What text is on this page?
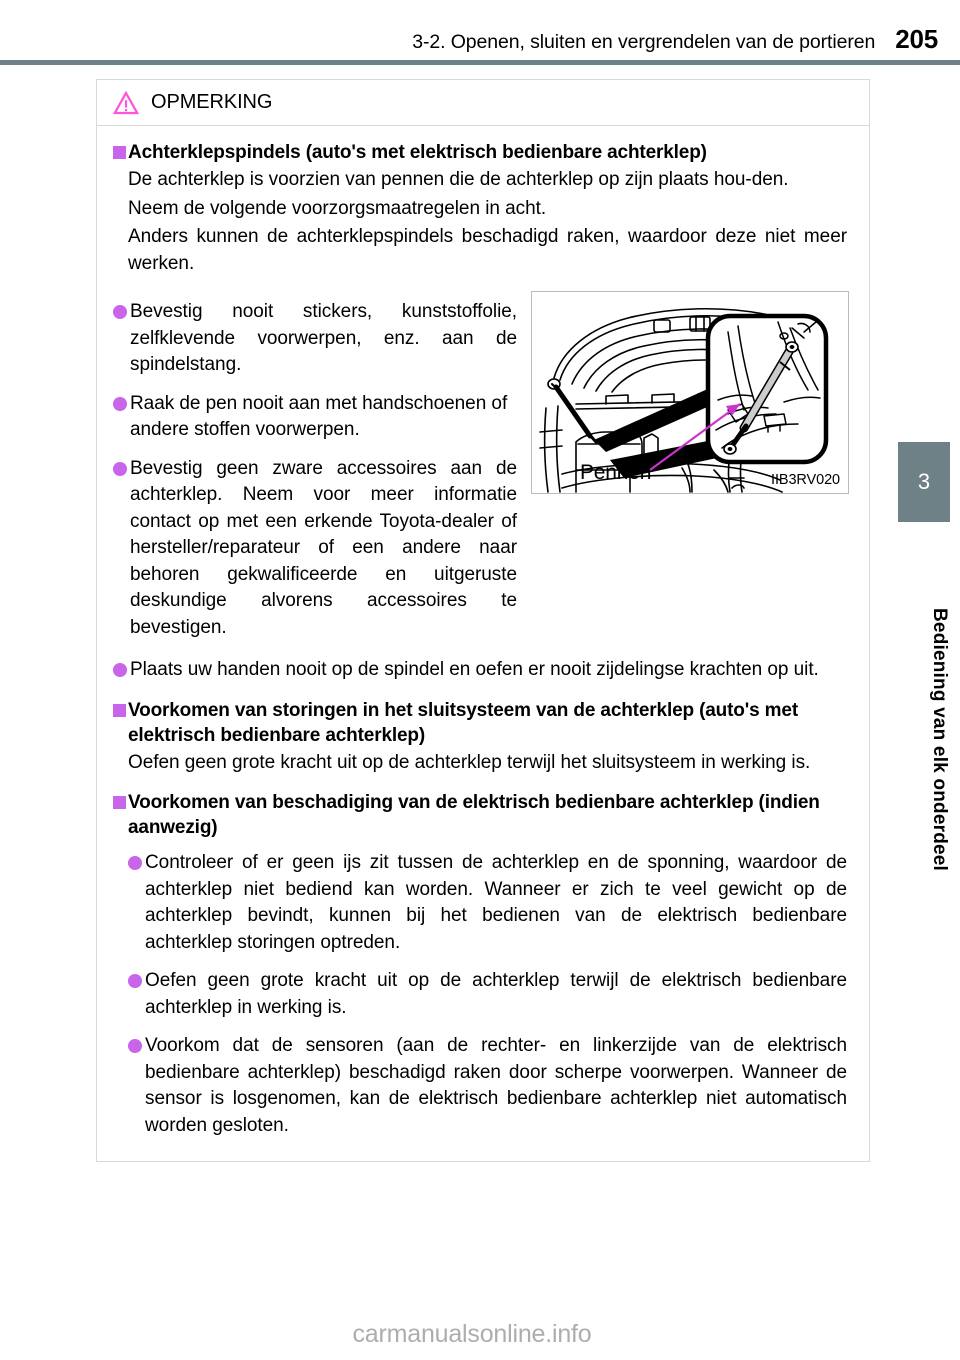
3-2. Openen, sluiten en vergrendelen van de portieren 205
3
Bediening van elk onderdeel
OPMERKING
Achterklepspindels (auto's met elektrisch bedienbare achterklep)
De achterklep is voorzien van pennen die de achterklep op zijn plaats hou-den.
Neem de volgende voorzorgsmaatregelen in acht.
Anders kunnen de achterklepspindels beschadigd raken, waardoor deze niet meer werken.
Bevestig nooit stickers, kunststoffolie, zelfklevende voorwerpen, enz. aan de spindelstang.
Raak de pen nooit aan met handschoenen of andere stoffen voorwerpen.
Bevestig geen zware accessoires aan de achterklep. Neem voor meer informatie contact op met een erkende Toyota-dealer of hersteller/reparateur of een andere naar behoren gekwalificeerde en uitgeruste deskundige alvorens accessoires te bevestigen.
Pennen	IIB3RV020
Plaats uw handen nooit op de spindel en oefen er nooit zijdelingse krachten op uit.
Voorkomen van storingen in het sluitsysteem van de achterklep (auto's met elektrisch bedienbare achterklep)
Oefen geen grote kracht uit op de achterklep terwijl het sluitsysteem in werking is.
Voorkomen van beschadiging van de elektrisch bedienbare achterklep (indien aanwezig)
Controleer of er geen ijs zit tussen de achterklep en de sponning, waardoor de achterklep niet bediend kan worden. Wanneer er zich te veel gewicht op de achterklep bevindt, kunnen bij het bedienen van de elektrisch bedienbare achterklep storingen optreden.
Oefen geen grote kracht uit op de achterklep terwijl de elektrisch bedienbare achterklep in werking is.
Voorkom dat de sensoren (aan de rechter- en linkerzijde van de elektrisch bedienbare achterklep) beschadigd raken door scherpe voorwerpen. Wanneer de sensor is losgenomen, kan de elektrisch bedienbare achterklep niet automatisch worden gesloten.
carmanualsonline.info
